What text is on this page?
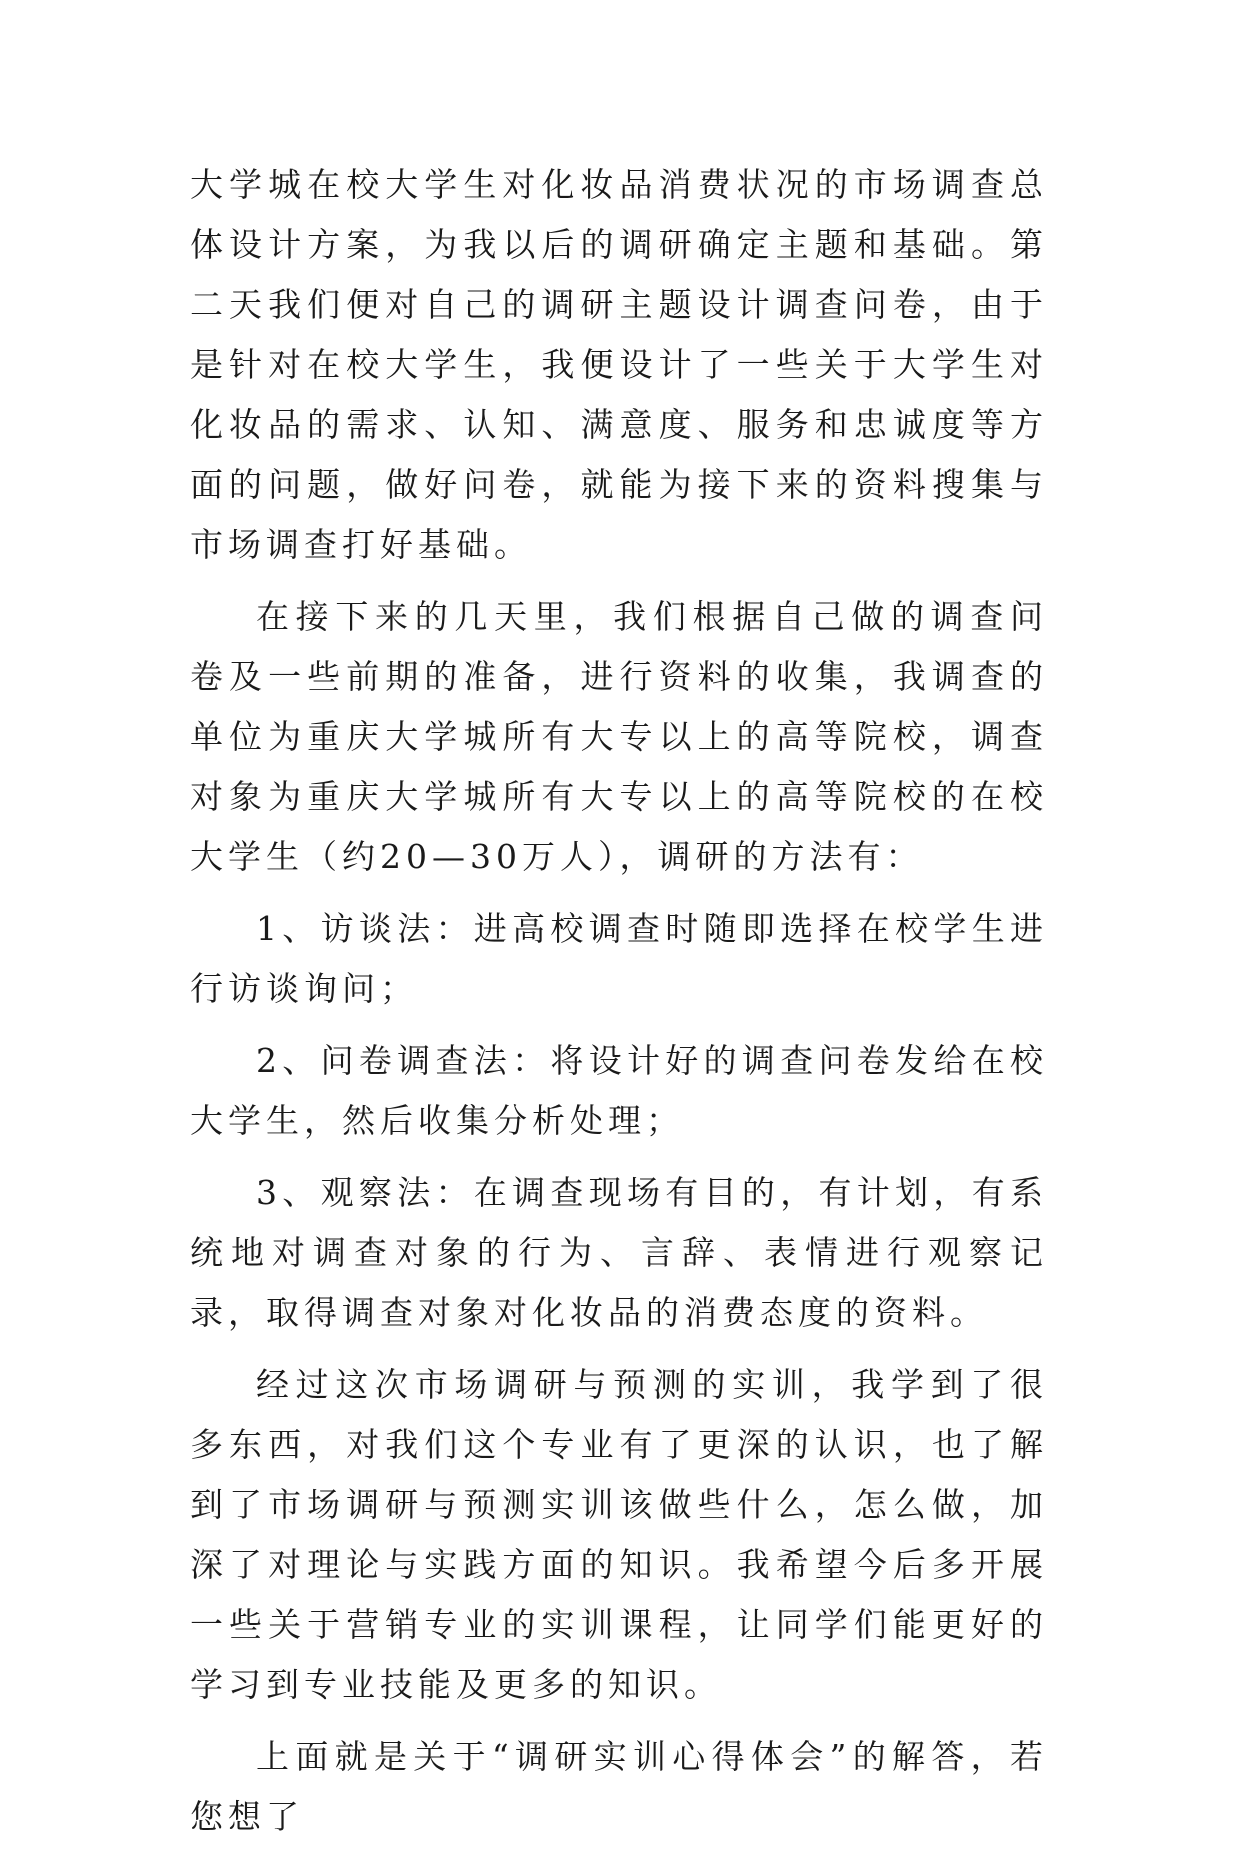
大学城在校大学生对化妆品消费状况的市场调查总体设计方案，为我以后的调研确定主题和基础。第二天我们便对自己的调研主题设计调查问卷，由于是针对在校大学生，我便设计了一些关于大学生对化妆品的需求、认知、满意度、服务和忠诚度等方面的问题，做好问卷，就能为接下来的资料搜集与市场调查打好基础。

在接下来的几天里，我们根据自己做的调查问卷及一些前期的准备，进行资料的收集，我调查的单位为重庆大学城所有大专以上的高等院校，调查对象为重庆大学城所有大专以上的高等院校的在校大学生（约20—30万人），调研的方法有：

1、访谈法：进高校调查时随即选择在校学生进行访谈询问；

2、问卷调查法：将设计好的调查问卷发给在校大学生，然后收集分析处理；

3、观察法：在调查现场有目的，有计划，有系统地对调查对象的行为、言辞、表情进行观察记录，取得调查对象对化妆品的消费态度的资料。

经过这次市场调研与预测的实训，我学到了很多东西，对我们这个专业有了更深的认识，也了解到了市场调研与预测实训该做些什么，怎么做，加深了对理论与实践方面的知识。我希望今后多开展一些关于营销专业的实训课程，让同学们能更好的学习到专业技能及更多的知识。

上面就是关于“调研实训心得体会”的解答，若您想了
